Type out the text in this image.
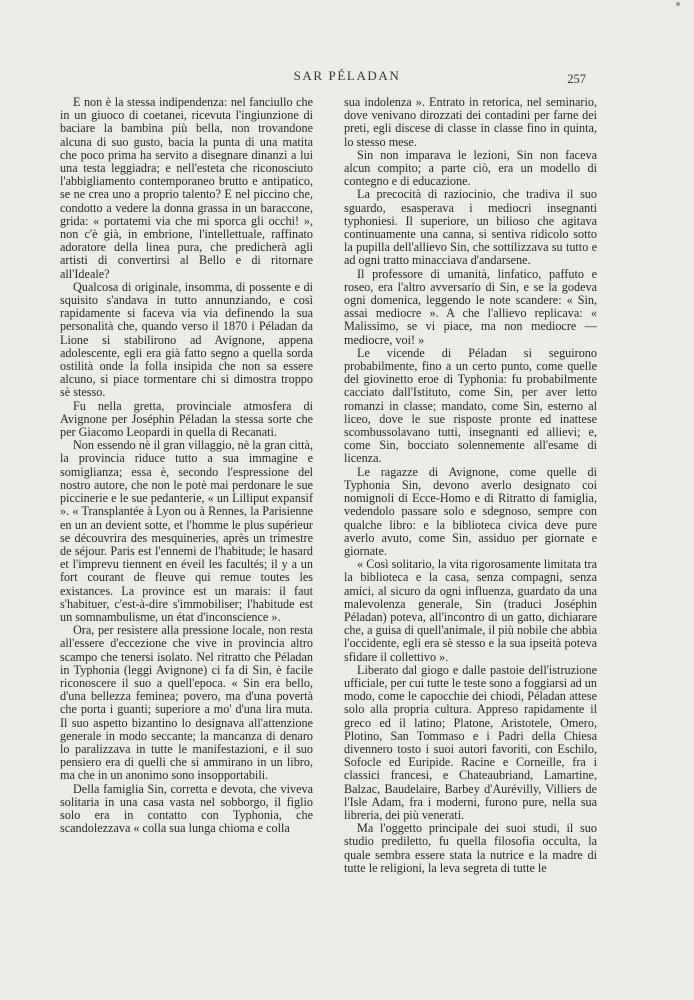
SAR PÉLADAN	257

E non è la stessa indipendenza: nel fanciullo che in un giuoco di coetanei, ricevuta l'ingiunzione di baciare la bambina più bella, non trovandone alcuna di suo gusto, bacia la punta di una matita che poco prima ha servito a disegnare dinanzi a lui una testa leggiadra; e nell'esteta che riconosciuto l'abbigliamento contemporaneo brutto e antipatico, se ne crea uno a proprio talento? E nel piccino che, condotto a vedere la donna grassa in un baraccone, grida: « portatemi via che mi sporca gli occhi! », non c'è già, in embrione, l'intellettuale, raffinato adoratore della linea pura, che predicherà agli artisti di convertirsi al Bello e di ritornare all'Ideale?

Qualcosa di originale, insomma, di possente e di squisito s'andava in tutto annunziando, e così rapidamente si faceva via via definendo la sua personalità che, quando verso il 1870 i Péladan da Lione si stabilirono ad Avignone, appena adolescente, egli era già fatto segno a quella sorda ostilità onde la folla insipida che non sa essere alcuno, si piace tormentare chi si dimostra troppo sè stesso.

Fu nella gretta, provinciale atmosfera di Avignone per Joséphin Péladan la stessa sorte che per Giacomo Leopardi in quella di Recanati.

Non essendo nè il gran villaggio, nè la gran città, la provincia riduce tutto a sua immagine e somiglianza; essa è, secondo l'espressione del nostro autore, che non le potè mai perdonare le sue piccinerie e le sue pedanterie, « un Lilliput expansif ». « Transplantée à Lyon ou à Rennes, la Parisienne en un an devient sotte, et l'homme le plus supérieur se découvrira des mesquineries, après un trimestre de séjour. Paris est l'ennemi de l'habitude; le hasard et l'imprevu tiennent en éveil les facultés; il y a un fort courant de fleuve qui remue toutes les existances. La province est un marais: il faut s'habituer, c'est-à-dire s'immobiliser; l'habitude est un somnambulisme, un état d'inconscience ».

Ora, per resistere alla pressione locale, non resta all'essere d'eccezione che vive in provincia altro scampo che tenersi isolato. Nel ritratto che Péladan in Typhonia (leggi Avignone) ci fa di Sin, è facile riconoscere il suo a quell'epoca. « Sin era bello, d'una bellezza feminea; povero, ma d'una povertà che porta i guanti; superiore a mo' d'una lira muta. Il suo aspetto bizantino lo designava all'attenzione generale in modo seccante; la mancanza di denaro lo paralizzava in tutte le manifestazioni, e il suo pensiero era di quelli che si ammirano in un libro, ma che in un anonimo sono insopportabili.

Della famiglia Sin, corretta e devota, che viveva solitaria in una casa vasta nel sobborgo, il figlio solo era in contatto con Typhonia, che scandolezzava « colla sua lunga chioma e colla

sua indolenza ». Entrato in retorica, nel seminario, dove venivano dirozzati dei contadini per farne dei preti, egli discese di classe in classe fino in quinta, lo stesso mese.

Sin non imparava le lezioni, Sin non faceva alcun compito; a parte ciò, era un modello di contegno e di educazione.

La precocità di raziocinio, che tradiva il suo sguardo, esasperava i mediocri insegnanti typhoniesi. Il superiore, un bilioso che agitava continuamente una canna, si sentiva ridicolo sotto la pupilla dell'allievo Sin, che sottilizzava su tutto e ad ogni tratto minacciava d'andarsene.

Il professore di umanità, linfatico, paffuto e roseo, era l'altro avversario di Sin, e se la godeva ogni domenica, leggendo le note scandere: « Sin, assai mediocre ». A che l'allievo replicava: « Malissimo, se vi piace, ma non mediocre — mediocre, voi! »

Le vicende di Péladan si seguirono probabilmente, fino a un certo punto, come quelle del giovinetto eroe di Typhonia: fu probabilmente cacciato dall'Istituto, come Sin, per aver letto romanzi in classe; mandato, come Sin, esterno al liceo, dove le sue risposte pronte ed inattese scombussolavano tutti, insegnanti ed allievi; e, come Sin, bocciato solennemente all'esame di licenza.

Le ragazze di Avignone, come quelle di Typhonia Sin, devono averlo designato coi nomignoli di Ecce-Homo e di Ritratto di famiglia, vedendolo passare solo e sdegnoso, sempre con qualche libro: e la biblioteca civica deve pure averlo avuto, come Sin, assiduo per giornate e giornate.

« Così solitario, la vita rigorosamente limitata tra la biblioteca e la casa, senza compagni, senza amici, al sicuro da ogni influenza, guardato da una malevolenza generale, Sin (traduci Joséphin Péladan) poteva, all'incontro di un gatto, dichiarare che, a guisa di quell'animale, il più nobile che abbia l'occidente, egli era sè stesso e la sua ipseità poteva sfidare il collettivo ».

Liberato dal giogo e dalle pastoie dell'istruzione ufficiale, per cui tutte le teste sono a foggiarsi ad un modo, come le capocchie dei chiodi, Péladan attese solo alla propria cultura. Appreso rapidamente il greco ed il latino; Platone, Aristotele, Omero, Plotino, San Tommaso e i Padri della Chiesa divennero tosto i suoi autori favoriti, con Eschilo, Sofocle ed Euripide. Racine e Corneille, fra i classici francesi, e Chateaubriand, Lamartine, Balzac, Baudelaire, Barbey d'Aurévilly, Villiers de l'Isle Adam, fra i moderni, furono pure, nella sua libreria, dei più venerati.

Ma l'oggetto principale dei suoi studi, il suo studio prediletto, fu quella filosofia occulta, la quale sembra essere stata la nutrice e la madre di tutte le religioni, la leva segreta di tutte le
